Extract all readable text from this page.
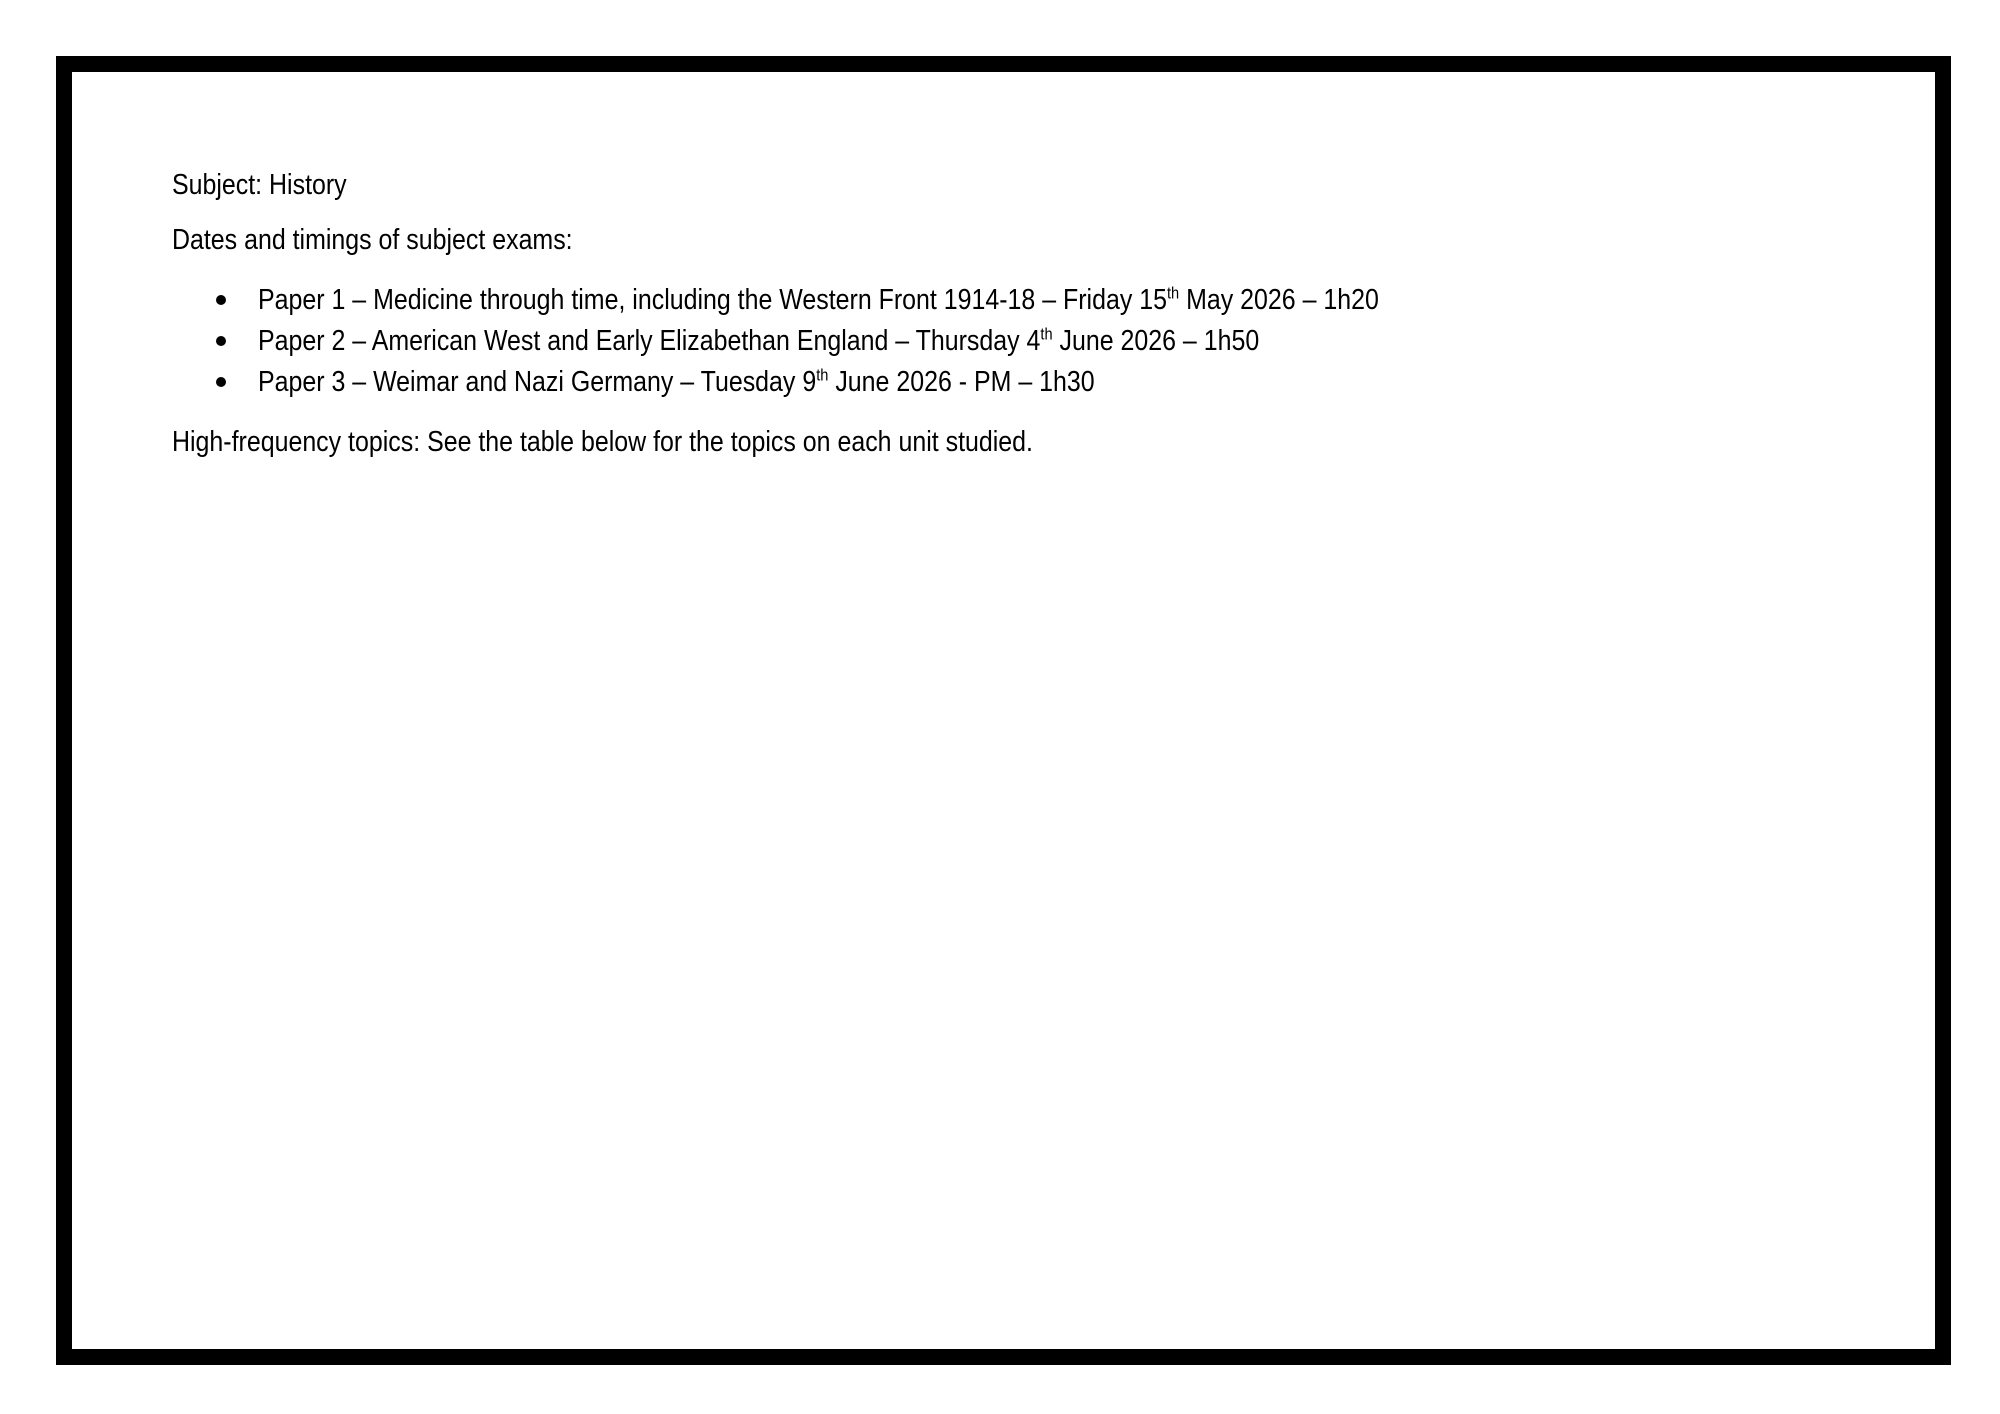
Subject: History

Dates and timings of subject exams:

Paper 1 – Medicine through time, including the Western Front 1914-18 – Friday 15th May 2026 – 1h20
Paper 2 – American West and Early Elizabethan England – Thursday 4th June 2026 – 1h50
Paper 3 – Weimar and Nazi Germany – Tuesday 9th June 2026 - PM – 1h30

High-frequency topics: See the table below for the topics on each unit studied.
